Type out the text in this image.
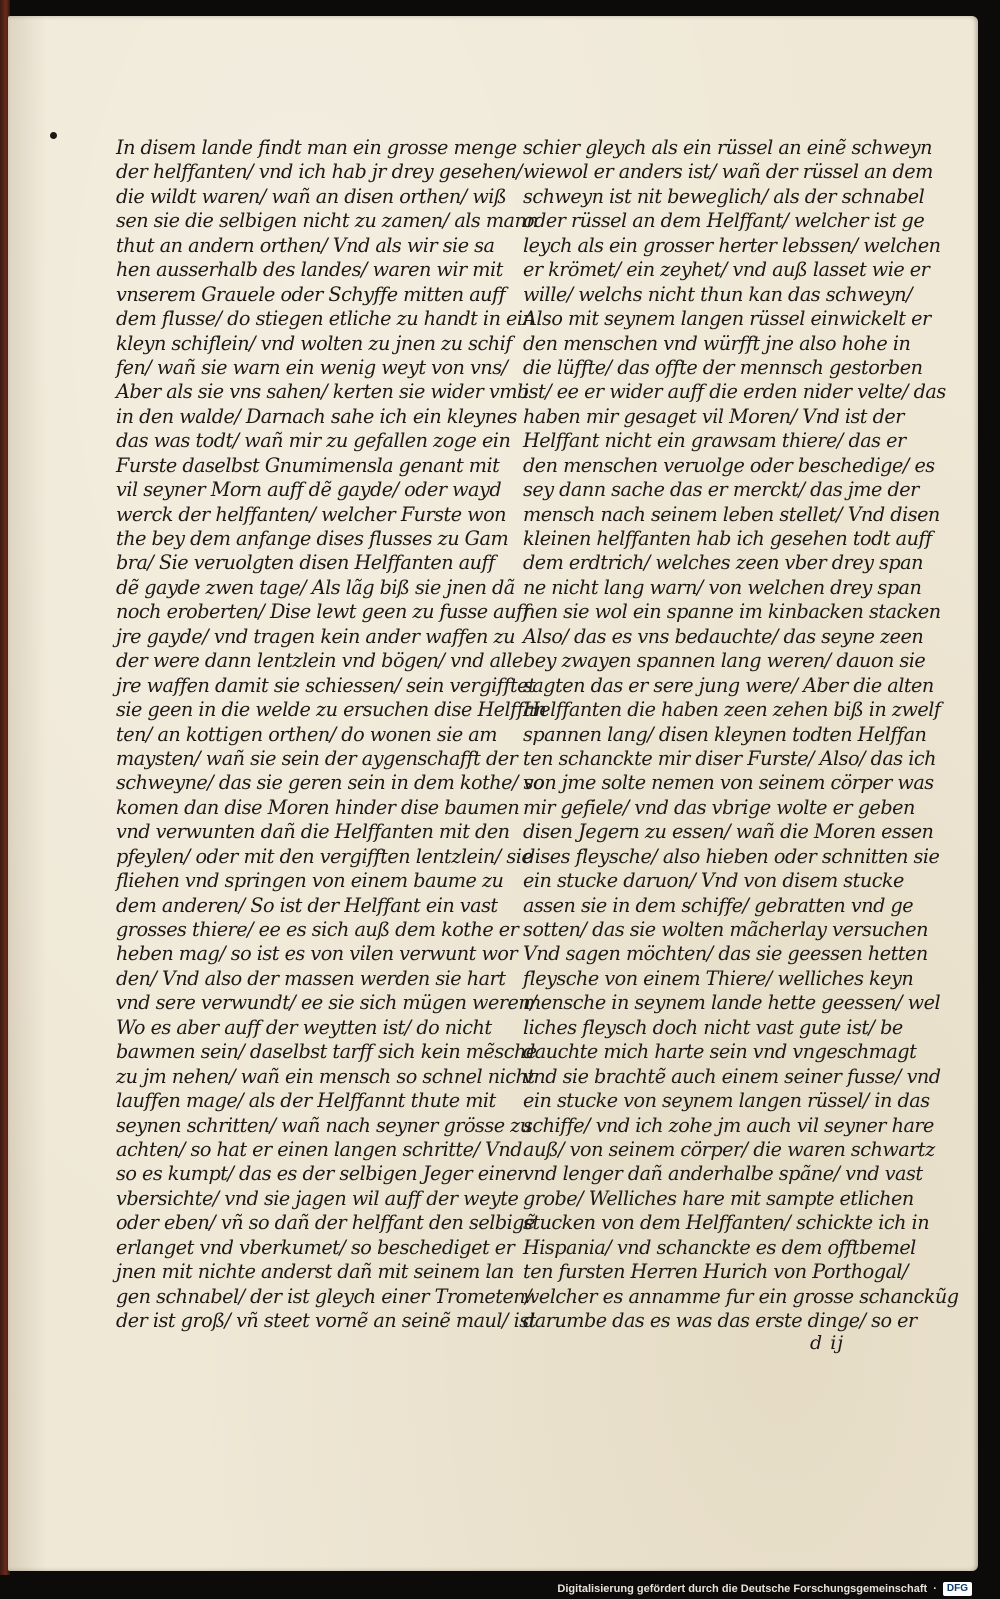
In disem lande findt man ein grosse menge
der helffanten/ vnd ich hab jr drey gesehen/
die wildt waren/ wañ an disen orthen/ wiß
sen sie die selbigen nicht zu zamen/ als mann
thut an andern orthen/ Vnd als wir sie sa
hen ausserhalb des landes/ waren wir mit
vnserem Grauele oder Schyffe mitten auff
dem flusse/ do stiegen etliche zu handt in ein
kleyn schiflein/ vnd wolten zu jnen zu schif
fen/ wañ sie warn ein wenig weyt von vns/
Aber als sie vns sahen/ kerten sie wider vmb
in den walde/ Darnach sahe ich ein kleynes
das was todt/ wañ mir zu gefallen zoge ein
Furste daselbst Gnumimensla genant mit
vil seyner Morn auff dẽ gayde/ oder wayd
werck der helffanten/ welcher Furste won
the bey dem anfange dises flusses zu Gam
bra/ Sie veruolgten disen Helffanten auff
dẽ gayde zwen tage/ Als lãg biß sie jnen dã
noch eroberten/ Dise lewt geen zu fusse auff
jre gayde/ vnd tragen kein ander waffen zu
der were dann lentzlein vnd bögen/ vnd alle
jre waffen damit sie schiessen/ sein vergifftet
sie geen in die welde zu ersuchen dise Helffan
ten/ an kottigen orthen/ do wonen sie am
maysten/ wañ sie sein der aygenschafft der
schweyne/ das sie geren sein in dem kothe/ so
komen dan dise Moren hinder dise baumen
vnd verwunten dañ die Helffanten mit den
pfeylen/ oder mit den vergifften lentzlein/ sie
fliehen vnd springen von einem baume zu
dem anderen/ So ist der Helffant ein vast
grosses thiere/ ee es sich auß dem kothe er
heben mag/ so ist es von vilen verwunt wor
den/ Vnd also der massen werden sie hart
vnd sere verwundt/ ee sie sich mügen weren/
Wo es aber auff der weytten ist/ do nicht
bawmen sein/ daselbst tarff sich kein mẽsche
zu jm nehen/ wañ ein mensch so schnel nicht
lauffen mage/ als der Helffannt thute mit
seynen schritten/ wañ nach seyner grösse zu
achten/ so hat er einen langen schritte/ Vnd
so es kumpt/ das es der selbigen Jeger einer
vbersichte/ vnd sie jagen wil auff der weyte
oder eben/ vñ so dañ der helffant den selbigẽ
erlanget vnd vberkumet/ so beschediget er
jnen mit nichte anderst dañ mit seinem lan
gen schnabel/ der ist gleych einer Trometen/
der ist groß/ vñ steet vornẽ an seinẽ maul/ ist
schier gleych als ein rüssel an einẽ schweyn
wiewol er anders ist/ wañ der rüssel an dem
schweyn ist nit beweglich/ als der schnabel
oder rüssel an dem Helffant/ welcher ist ge
leych als ein grosser herter lebssen/ welchen
er krömet/ ein zeyhet/ vnd auß lasset wie er
wille/ welchs nicht thun kan das schweyn/
Also mit seynem langen rüssel einwickelt er
den menschen vnd würfft jne also hohe in
die lüffte/ das offte der mennsch gestorben
ist/ ee er wider auff die erden nider velte/ das
haben mir gesaget vil Moren/ Vnd ist der
Helffant nicht ein grawsam thiere/ das er
den menschen veruolge oder beschedige/ es
sey dann sache das er merckt/ das jme der
mensch nach seinem leben stellet/ Vnd disen
kleinen helffanten hab ich gesehen todt auff
dem erdtrich/ welches zeen vber drey span
ne nicht lang warn/ von welchen drey span
nen sie wol ein spanne im kinbacken stacken
Also/ das es vns bedauchte/ das seyne zeen
bey zwayen spannen lang weren/ dauon sie
sagten das er sere jung were/ Aber die alten
Helffanten die haben zeen zehen biß in zwelf
spannen lang/ disen kleynen todten Helffan
ten schanckte mir diser Furste/ Also/ das ich
von jme solte nemen von seinem cörper was
mir gefiele/ vnd das vbrige wolte er geben
disen Jegern zu essen/ wañ die Moren essen
dises fleysche/ also hieben oder schnitten sie
ein stucke daruon/ Vnd von disem stucke
assen sie in dem schiffe/ gebratten vnd ge
sotten/ das sie wolten mãcherlay versuchen
Vnd sagen möchten/ das sie geessen hetten
fleysche von einem Thiere/ welliches keyn
mensche in seynem lande hette geessen/ wel
liches fleysch doch nicht vast gute ist/ be
dauchte mich harte sein vnd vngeschmagt
vnd sie brachtẽ auch einem seiner fusse/ vnd
ein stucke von seynem langen rüssel/ in das
schiffe/ vnd ich zohe jm auch vil seyner hare
auß/ von seinem cörper/ die waren schwartz
vnd lenger dañ anderhalbe spãne/ vnd vast
grobe/ Welliches hare mit sampte etlichen
stucken von dem Helffanten/ schickte ich in
Hispania/ vnd schanckte es dem offtbemel
ten fursten Herren Hurich von Porthogal/
welcher es annamme fur ein grosse schanckũg
darumbe das es was das erste dinge/ so er
d ij
Digitalisierung gefördert durch die Deutsche Forschungsgemeinschaft ·	DFG
